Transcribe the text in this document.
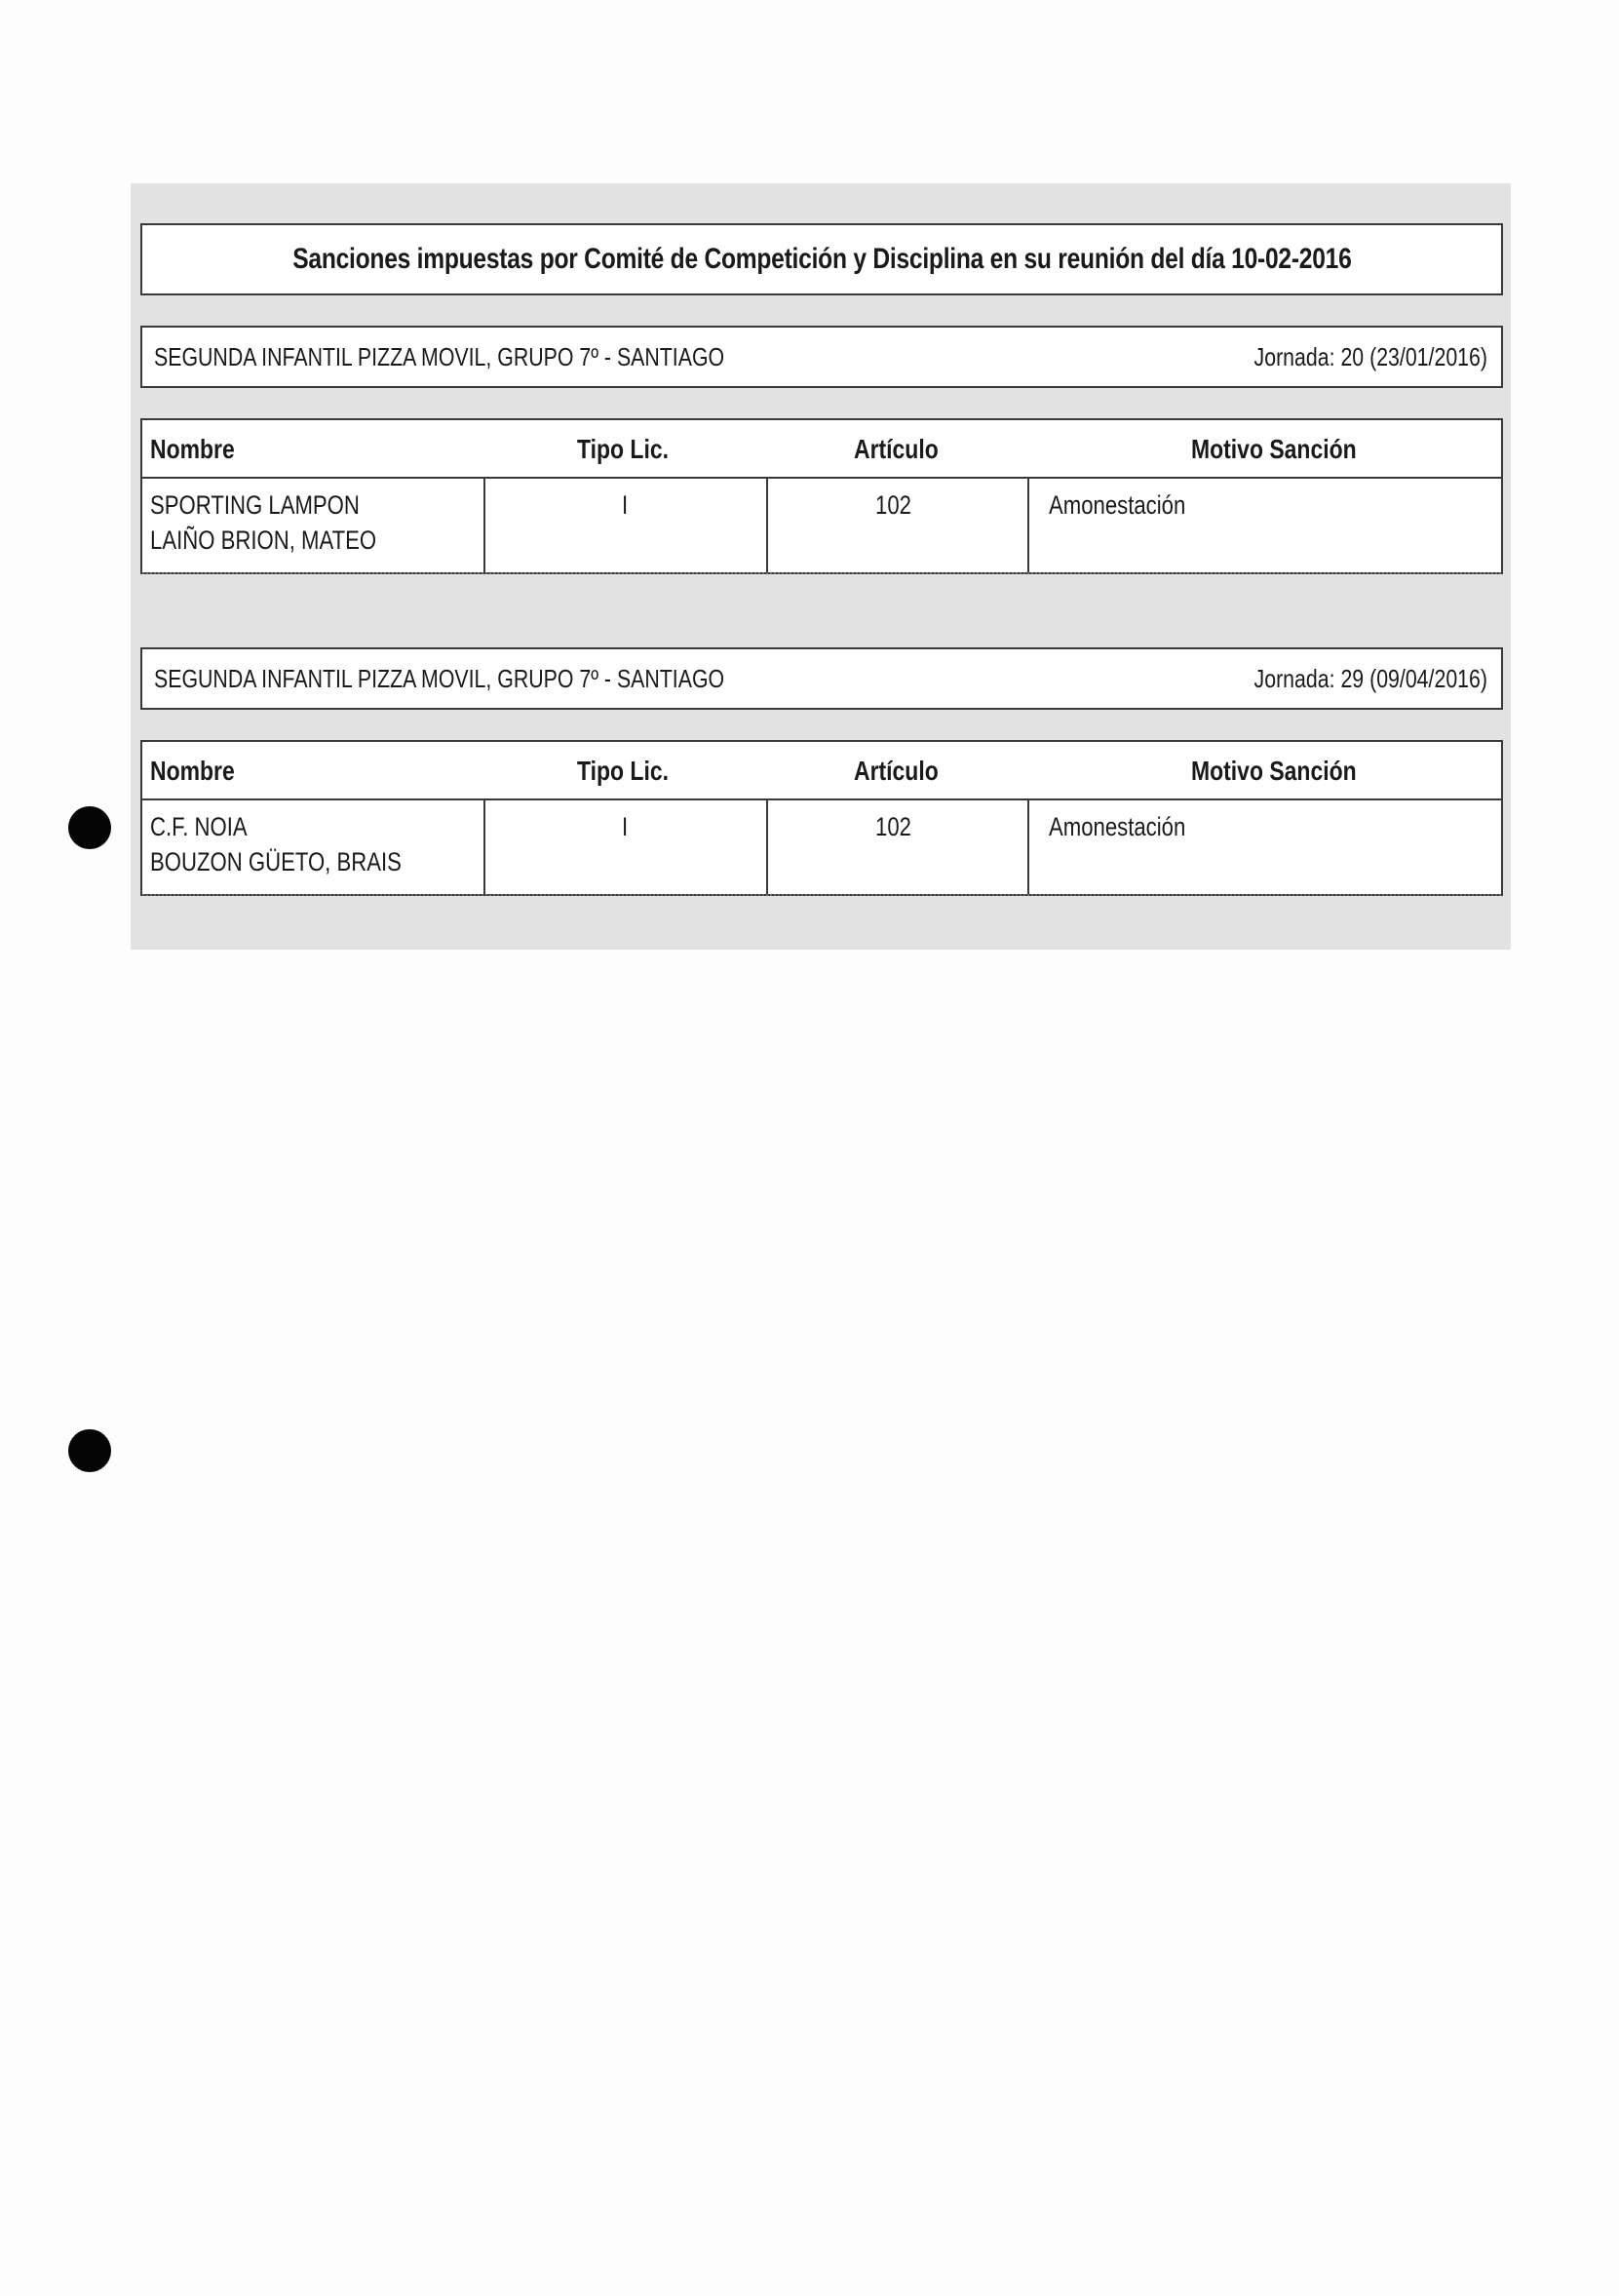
Sanciones impuestas por Comité de Competición y Disciplina en su reunión del día 10-02-2016
SEGUNDA INFANTIL PIZZA MOVIL, GRUPO 7º - SANTIAGO	Jornada: 20 (23/01/2016)
Nombre	Tipo Lic.	Artículo	Motivo Sanción
SPORTING LAMPON
LAIÑO BRION, MATEO
I	102	Amonestación
SEGUNDA INFANTIL PIZZA MOVIL, GRUPO 7º - SANTIAGO	Jornada: 29 (09/04/2016)
Nombre	Tipo Lic.	Artículo	Motivo Sanción
C.F. NOIA
BOUZON GÜETO, BRAIS
I	102	Amonestación
